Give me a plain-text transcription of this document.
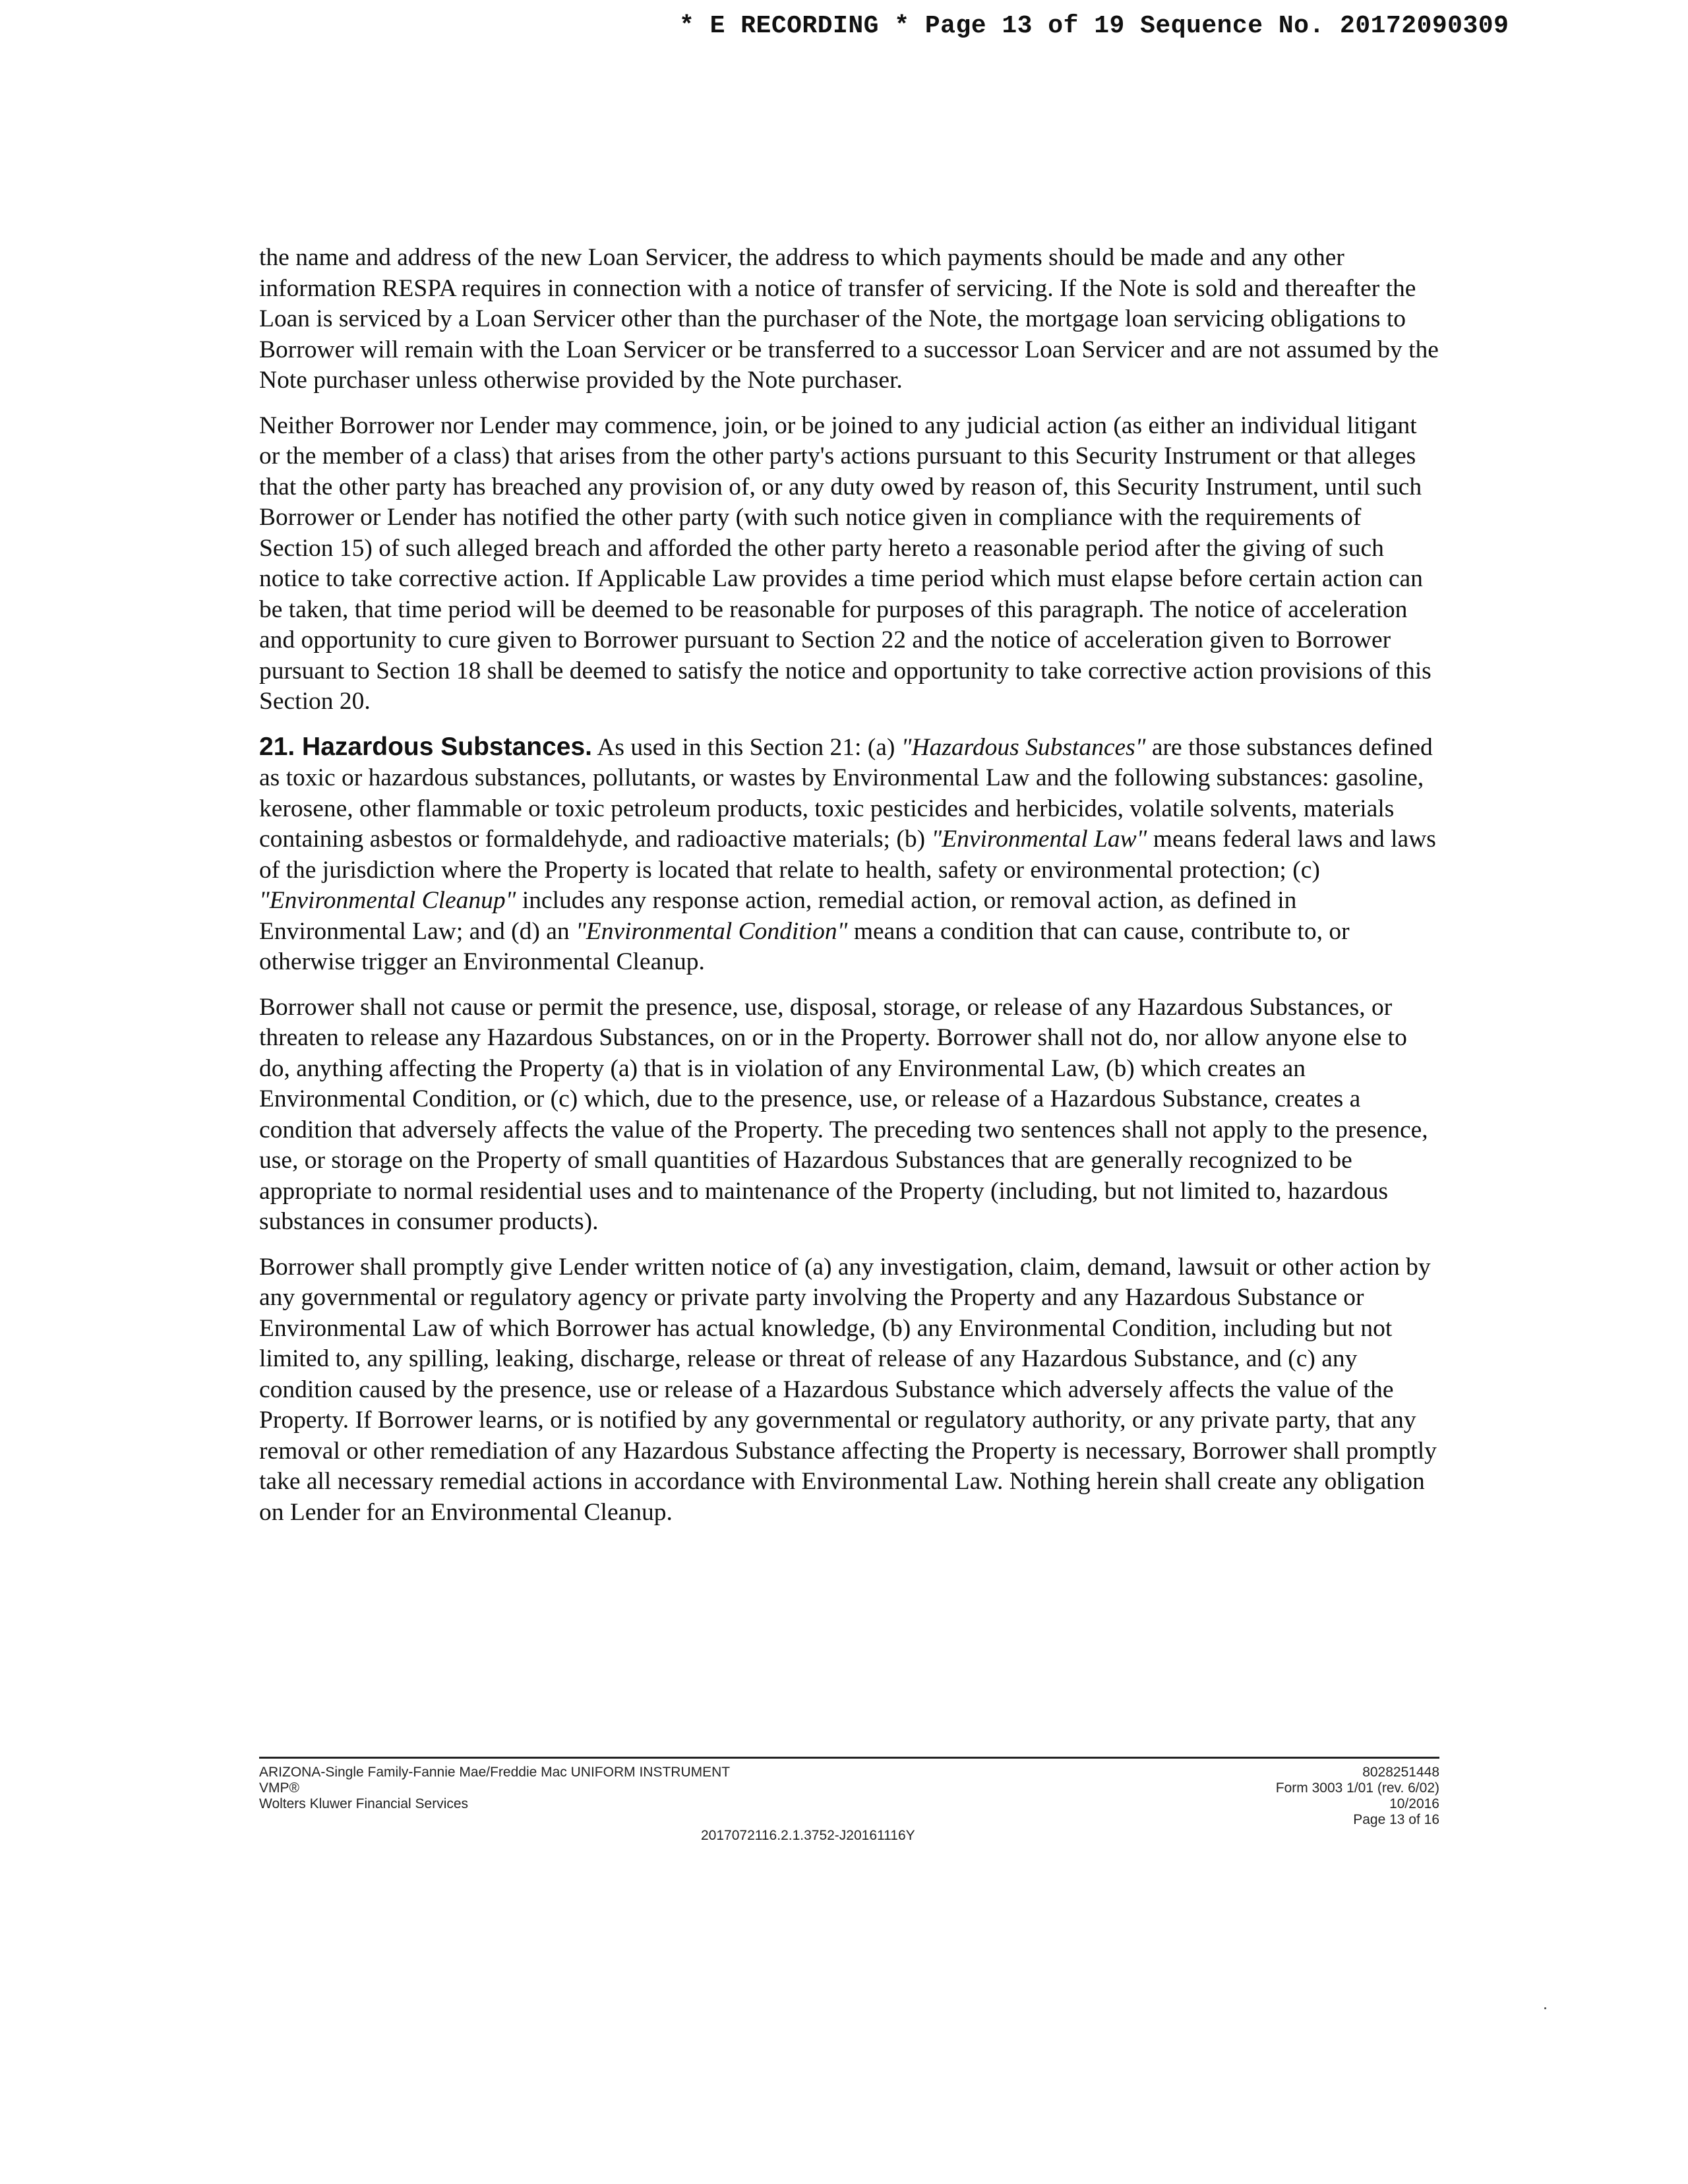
* E RECORDING * Page 13 of 19 Sequence No. 20172090309

the name and address of the new Loan Servicer, the address to which payments should be made and any other information RESPA requires in connection with a notice of transfer of servicing. If the Note is sold and thereafter the Loan is serviced by a Loan Servicer other than the purchaser of the Note, the mortgage loan servicing obligations to Borrower will remain with the Loan Servicer or be transferred to a successor Loan Servicer and are not assumed by the Note purchaser unless otherwise provided by the Note purchaser.

Neither Borrower nor Lender may commence, join, or be joined to any judicial action (as either an individual litigant or the member of a class) that arises from the other party's actions pursuant to this Security Instrument or that alleges that the other party has breached any provision of, or any duty owed by reason of, this Security Instrument, until such Borrower or Lender has notified the other party (with such notice given in compliance with the requirements of Section 15) of such alleged breach and afforded the other party hereto a reasonable period after the giving of such notice to take corrective action. If Applicable Law provides a time period which must elapse before certain action can be taken, that time period will be deemed to be reasonable for purposes of this paragraph. The notice of acceleration and opportunity to cure given to Borrower pursuant to Section 22 and the notice of acceleration given to Borrower pursuant to Section 18 shall be deemed to satisfy the notice and opportunity to take corrective action provisions of this Section 20.

21. Hazardous Substances. As used in this Section 21: (a) "Hazardous Substances" are those substances defined as toxic or hazardous substances, pollutants, or wastes by Environmental Law and the following substances: gasoline, kerosene, other flammable or toxic petroleum products, toxic pesticides and herbicides, volatile solvents, materials containing asbestos or formaldehyde, and radioactive materials; (b) "Environmental Law" means federal laws and laws of the jurisdiction where the Property is located that relate to health, safety or environmental protection; (c) "Environmental Cleanup" includes any response action, remedial action, or removal action, as defined in Environmental Law; and (d) an "Environmental Condition" means a condition that can cause, contribute to, or otherwise trigger an Environmental Cleanup.

Borrower shall not cause or permit the presence, use, disposal, storage, or release of any Hazardous Substances, or threaten to release any Hazardous Substances, on or in the Property. Borrower shall not do, nor allow anyone else to do, anything affecting the Property (a) that is in violation of any Environmental Law, (b) which creates an Environmental Condition, or (c) which, due to the presence, use, or release of a Hazardous Substance, creates a condition that adversely affects the value of the Property. The preceding two sentences shall not apply to the presence, use, or storage on the Property of small quantities of Hazardous Substances that are generally recognized to be appropriate to normal residential uses and to maintenance of the Property (including, but not limited to, hazardous substances in consumer products).

Borrower shall promptly give Lender written notice of (a) any investigation, claim, demand, lawsuit or other action by any governmental or regulatory agency or private party involving the Property and any Hazardous Substance or Environmental Law of which Borrower has actual knowledge, (b) any Environmental Condition, including but not limited to, any spilling, leaking, discharge, release or threat of release of any Hazardous Substance, and (c) any condition caused by the presence, use or release of a Hazardous Substance which adversely affects the value of the Property. If Borrower learns, or is notified by any governmental or regulatory authority, or any private party, that any removal or other remediation of any Hazardous Substance affecting the Property is necessary, Borrower shall promptly take all necessary remedial actions in accordance with Environmental Law. Nothing herein shall create any obligation on Lender for an Environmental Cleanup.

ARIZONA-Single Family-Fannie Mae/Freddie Mac UNIFORM INSTRUMENT
VMP®
Wolters Kluwer Financial Services
2017072116.2.1.3752-J20161116Y
8028251448
Form 3003 1/01 (rev. 6/02)
10/2016
Page 13 of 16
